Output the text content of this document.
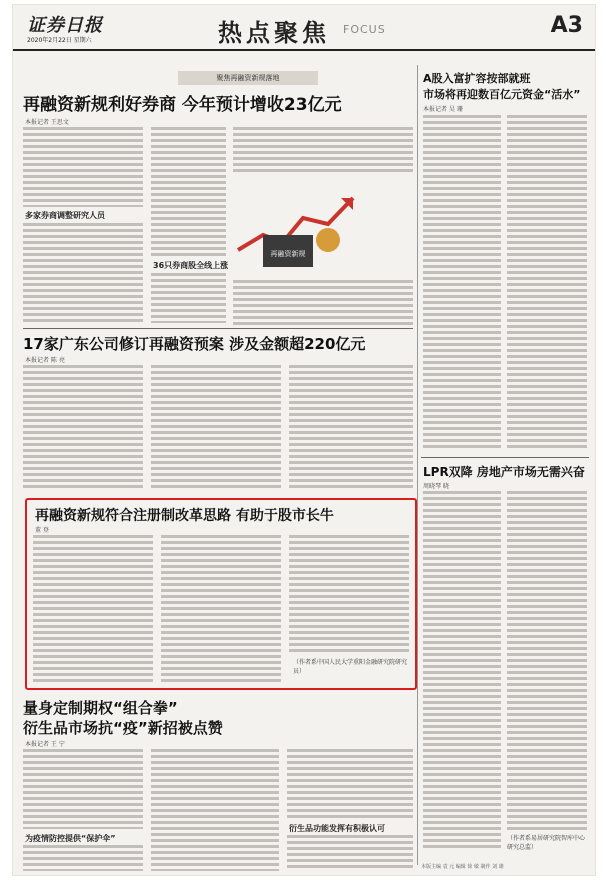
证券日报
2020年2月22日 星期六	热点聚焦 FOCUS	A3
聚焦再融资新规落地
再融资新规利好券商 今年预计增收23亿元
本报记者 王思文
多家券商调整研究人员
36只券商股全线上涨
再融资新规
17家广东公司修订再融资预案 涉及金额超220亿元
本报记者 陈 亮
再融资新规符合注册制改革思路 有助于股市长牛
董 登
（作者系中国人民大学重阳金融研究院研究员）
量身定制期权“组合拳”
衍生品市场抗“疫”新招被点赞
本报记者 王 宁
为疫情防控提供“保护伞”
衍生品功能发挥有积极认可
A股入富扩容按部就班
市场将再迎数百亿元资金“活水”
本报记者 吴 珊
LPR双降 房地产市场无需兴奋
周晓琴 晓
（作者系易居研究院智库中心研究总监）
本版主编 袁 元 编辑 徐 敏 制作 刘 雄
